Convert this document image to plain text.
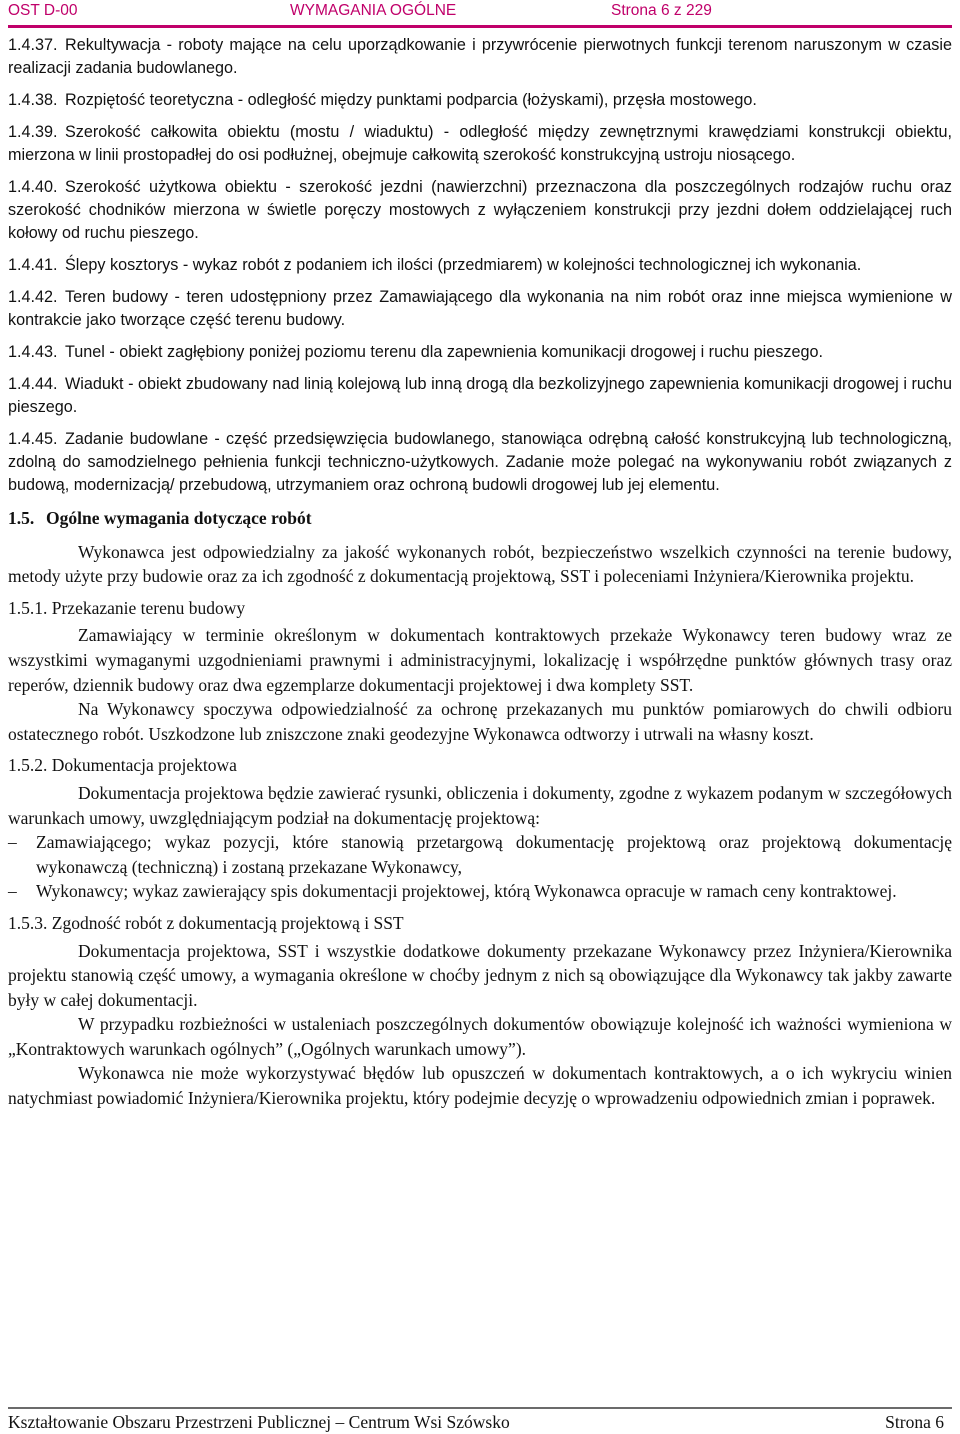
OST D-00	WYMAGANIA OGÓLNE	Strona 6 z 229

1.4.37. Rekultywacja - roboty mające na celu uporządkowanie i przywrócenie pierwotnych funkcji terenom naruszonym w czasie realizacji zadania budowlanego.

1.4.38. Rozpiętość teoretyczna - odległość między punktami podparcia (łożyskami), przęsła mostowego.

1.4.39. Szerokość całkowita obiektu (mostu / wiaduktu) - odległość między zewnętrznymi krawędziami konstrukcji obiektu, mierzona w linii prostopadłej do osi podłużnej, obejmuje całkowitą szerokość konstrukcyjną ustroju niosącego.

1.4.40. Szerokość użytkowa obiektu - szerokość jezdni (nawierzchni) przeznaczona dla poszczególnych rodzajów ruchu oraz szerokość chodników mierzona w świetle poręczy mostowych z wyłączeniem konstrukcji przy jezdni dołem oddzielającej ruch kołowy od ruchu pieszego.

1.4.41. Ślepy kosztorys - wykaz robót z podaniem ich ilości (przedmiarem) w kolejności technologicznej ich wykonania.

1.4.42. Teren budowy - teren udostępniony przez Zamawiającego dla wykonania na nim robót oraz inne miejsca wymienione w kontrakcie jako tworzące część terenu budowy.

1.4.43. Tunel - obiekt zagłębiony poniżej poziomu terenu dla zapewnienia komunikacji drogowej i ruchu pieszego.

1.4.44. Wiadukt - obiekt zbudowany nad linią kolejową lub inną drogą dla bezkolizyjnego zapewnienia komunikacji drogowej i ruchu pieszego.

1.4.45. Zadanie budowlane - część przedsięwzięcia budowlanego, stanowiąca odrębną całość konstrukcyjną lub technologiczną, zdolną do samodzielnego pełnienia funkcji techniczno-użytkowych. Zadanie może polegać na wykonywaniu robót związanych z budową, modernizacją/ przebudową, utrzymaniem oraz ochroną budowli drogowej lub jej elementu.

1.5. Ogólne wymagania dotyczące robót

Wykonawca jest odpowiedzialny za jakość wykonanych robót, bezpieczeństwo wszelkich czynności na terenie budowy, metody użyte przy budowie oraz za ich zgodność z dokumentacją projektową, SST i poleceniami Inżyniera/Kierownika projektu.

1.5.1. Przekazanie terenu budowy

Zamawiający w terminie określonym w dokumentach kontraktowych przekaże Wykonawcy teren budowy wraz ze wszystkimi wymaganymi uzgodnieniami prawnymi i administracyjnymi, lokalizację i współrzędne punktów głównych trasy oraz reperów, dziennik budowy oraz dwa egzemplarze dokumentacji projektowej i dwa komplety SST.

Na Wykonawcy spoczywa odpowiedzialność za ochronę przekazanych mu punktów pomiarowych do chwili odbioru ostatecznego robót. Uszkodzone lub zniszczone znaki geodezyjne Wykonawca odtworzy i utrwali na własny koszt.

1.5.2. Dokumentacja projektowa

Dokumentacja projektowa będzie zawierać rysunki, obliczenia i dokumenty, zgodne z wykazem podanym w szczegółowych warunkach umowy, uwzględniającym podział na dokumentację projektową:

– Zamawiającego; wykaz pozycji, które stanowią przetargową dokumentację projektową oraz projektową dokumentację wykonawczą (techniczną) i zostaną przekazane Wykonawcy,
– Wykonawcy; wykaz zawierający spis dokumentacji projektowej, którą Wykonawca opracuje w ramach ceny kontraktowej.

1.5.3. Zgodność robót z dokumentacją projektową i SST

Dokumentacja projektowa, SST i wszystkie dodatkowe dokumenty przekazane Wykonawcy przez Inżyniera/Kierownika projektu stanowią część umowy, a wymagania określone w choćby jednym z nich są obowiązujące dla Wykonawcy tak jakby zawarte były w całej dokumentacji.

W przypadku rozbieżności w ustaleniach poszczególnych dokumentów obowiązuje kolejność ich ważności wymieniona w „Kontraktowych warunkach ogólnych” („Ogólnych warunkach umowy”).

Wykonawca nie może wykorzystywać błędów lub opuszczeń w dokumentach kontraktowych, a o ich wykryciu winien natychmiast powiadomić Inżyniera/Kierownika projektu, który podejmie decyzję o wprowadzeniu odpowiednich zmian i poprawek.

Kształtowanie Obszaru Przestrzeni Publicznej – Centrum Wsi Szówsko	Strona 6
